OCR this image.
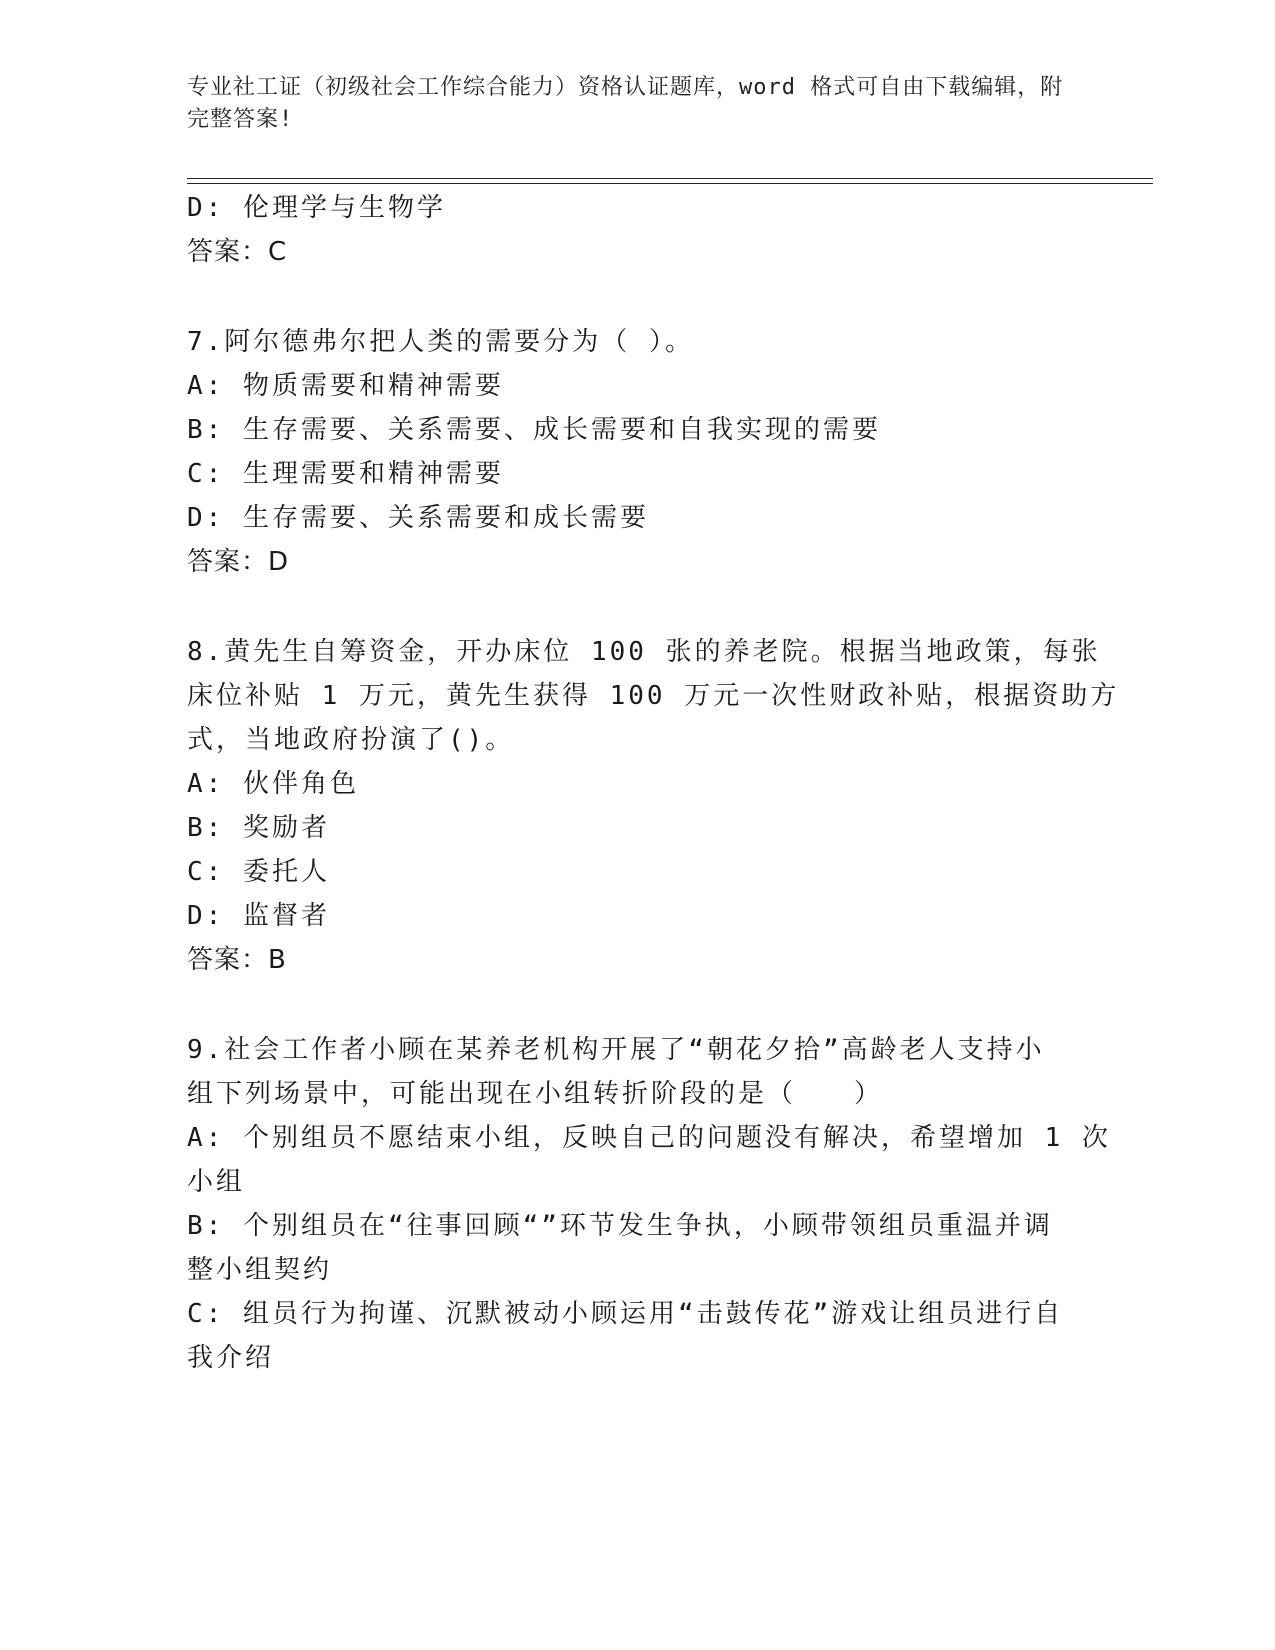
专业社工证（初级社会工作综合能力）资格认证题库，word 格式可自由下载编辑，附完整答案!
D: 伦理学与生物学
答案：C
7.阿尔德弗尔把人类的需要分为（ ）。
A: 物质需要和精神需要
B: 生存需要、关系需要、成长需要和自我实现的需要
C: 生理需要和精神需要
D: 生存需要、关系需要和成长需要
答案：D
8.黄先生自筹资金，开办床位 100 张的养老院。根据当地政策，每张
床位补贴 1 万元，黄先生获得 100 万元一次性财政补贴，根据资助方
式，当地政府扮演了()。
A: 伙伴角色
B: 奖励者
C: 委托人
D: 监督者
答案：B
9.社会工作者小顾在某养老机构开展了“朝花夕拾”高龄老人支持小
组下列场景中，可能出现在小组转折阶段的是（　　）
A: 个别组员不愿结束小组，反映自己的问题没有解决，希望增加 1 次
小组
B: 个别组员在“往事回顾“”环节发生争执，小顾带领组员重温并调
整小组契约
C: 组员行为拘谨、沉默被动小顾运用“击鼓传花”游戏让组员进行自
我介绍
